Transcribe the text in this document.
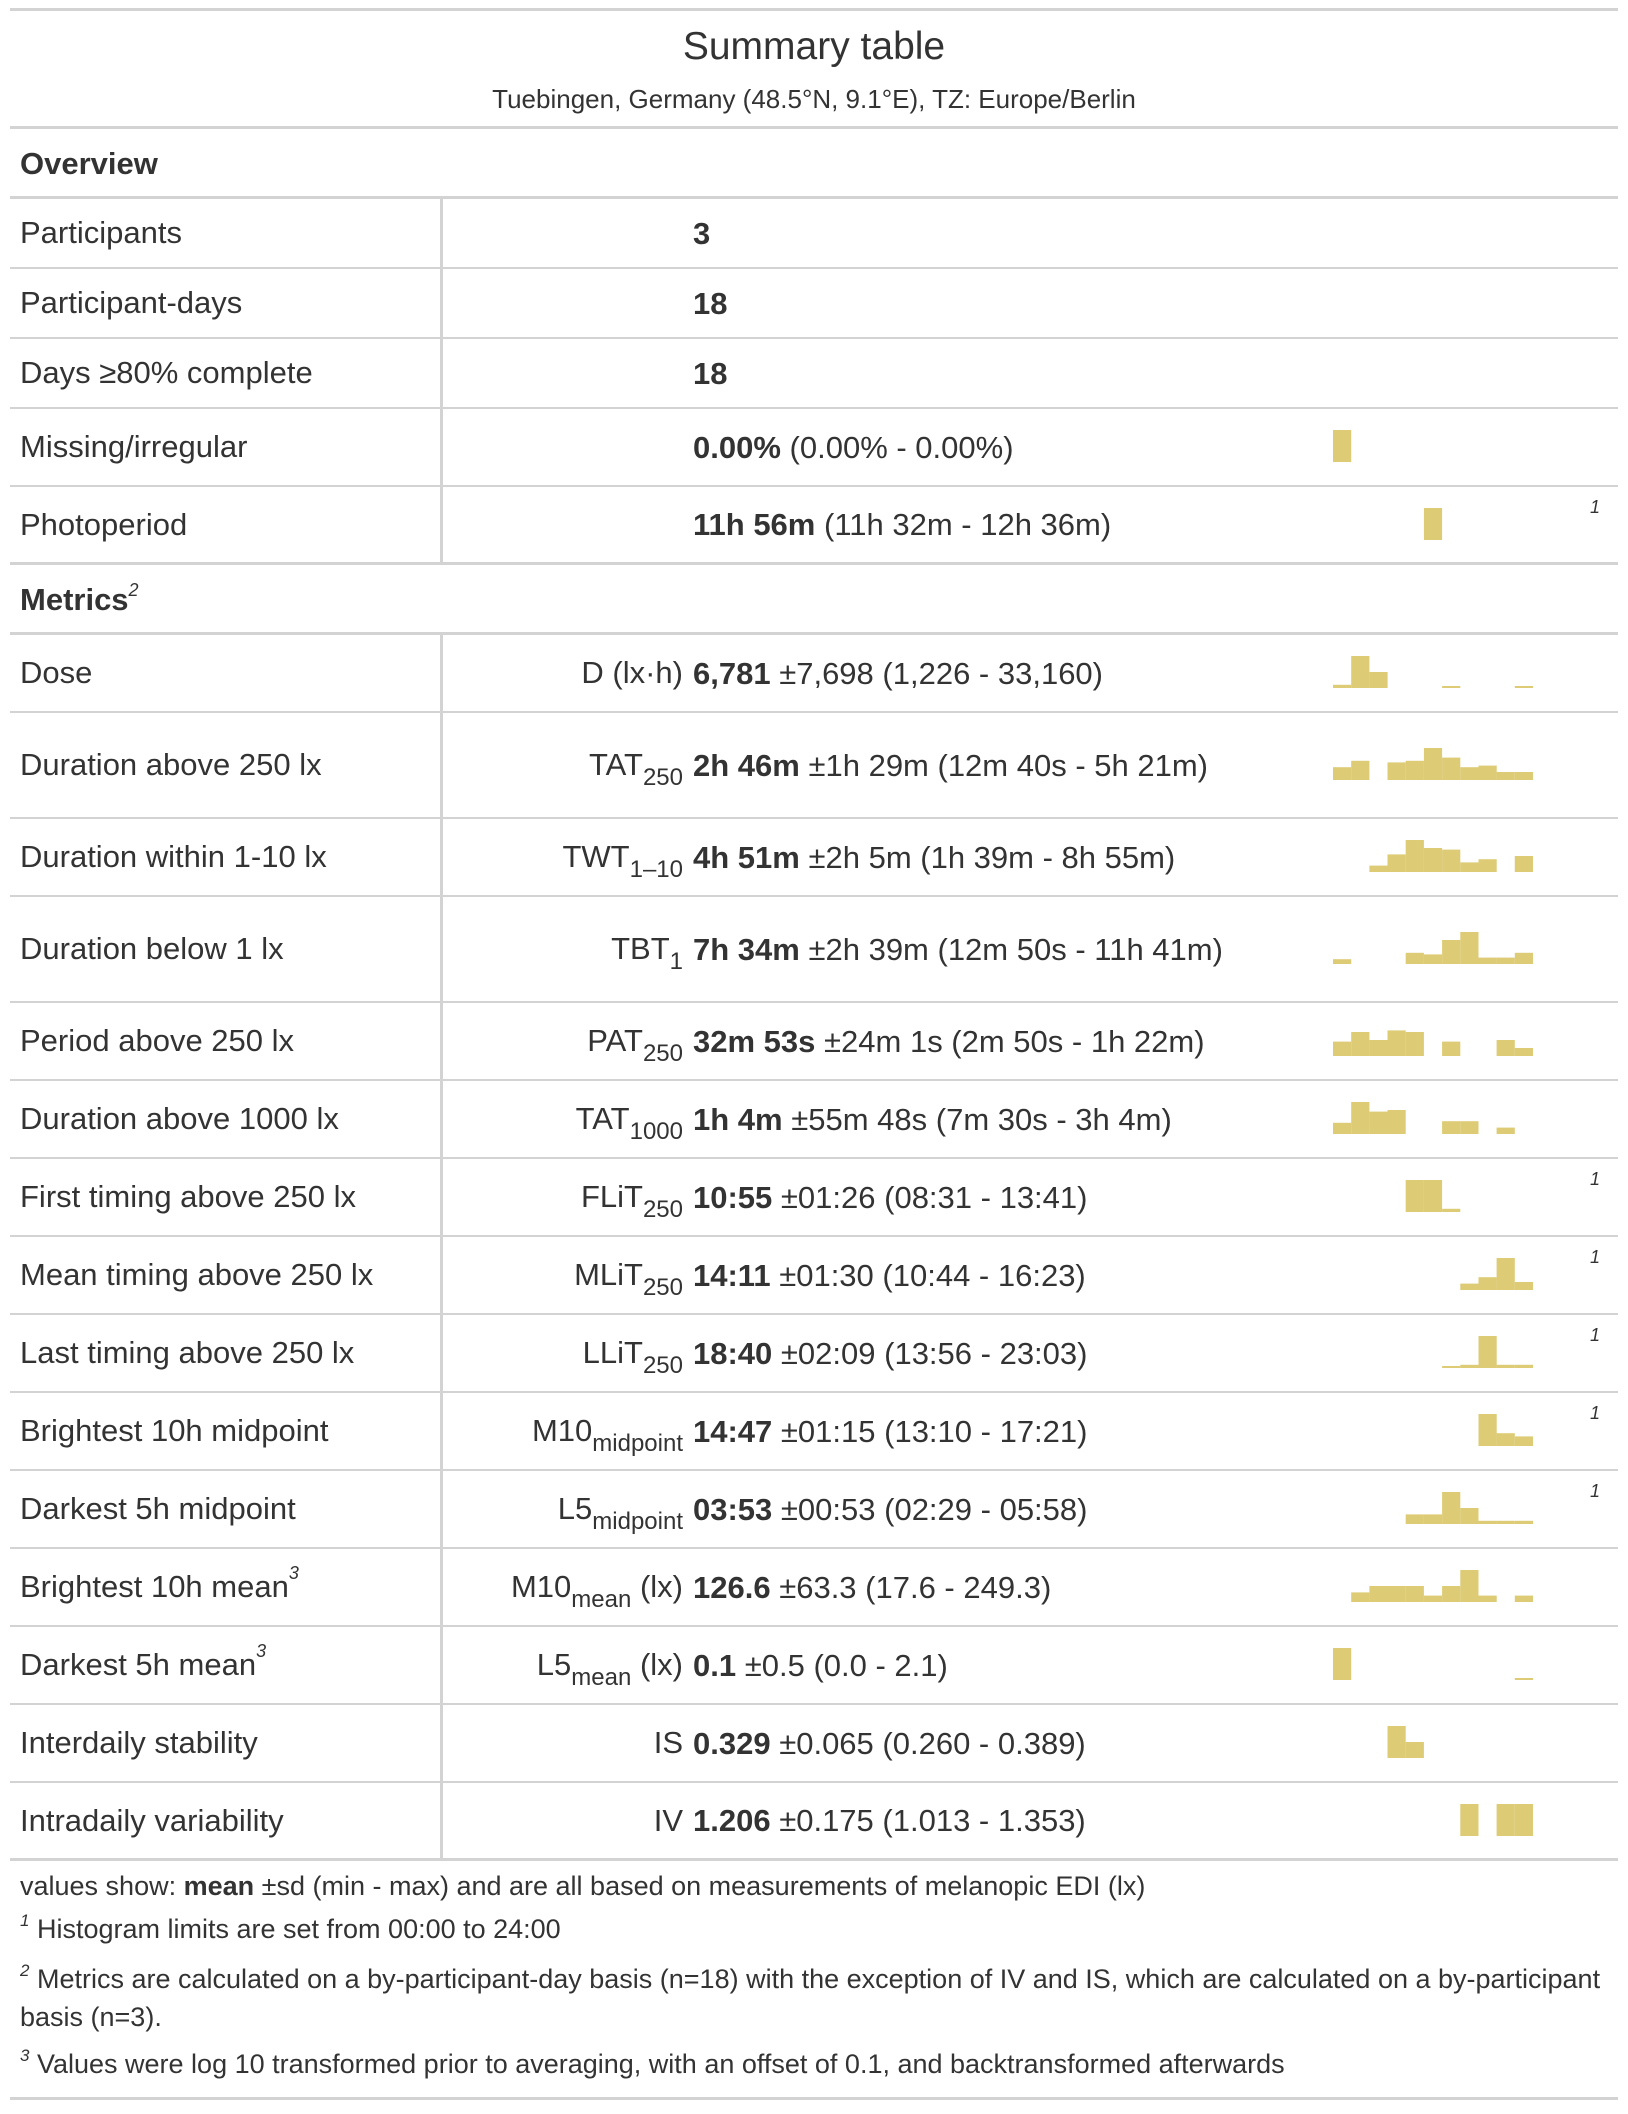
Summary table
Tuebingen, Germany (48.5°N, 9.1°E), TZ: Europe/Berlin
Overview
Participants	3
Participant-days	18
Days ≥80% complete	18
Missing/irregular	0.00% (0.00% - 0.00%)
Photoperiod	11h 56m (11h 32m - 12h 36m)	1
Metrics$^2$
Dose	D (lx·h) 6,781 ±7,698 (1,226 - 33,160)
Duration above 250 lx	$TAT_{250}$ 2h 46m ±1h 29m (12m 40s - 5h 21m)
Duration within 1-10 lx	$TWT_{1-10}$ 4h 51m ±2h 5m (1h 39m - 8h 55m)
Duration below 1 lx	$TBT_1$ 7h 34m ±2h 39m (12m 50s - 11h 41m)
Period above 250 lx	$PAT_{250}$ 32m 53s ±24m 1s (2m 50s - 1h 22m)
Duration above 1000 lx	$TAT_{1000}$ 1h 4m ±55m 48s (7m 30s - 3h 4m)
First timing above 250 lx	FLiT$_{250}$ 10:55 ±01:26 (08:31 - 13:41)
1
Mean timing above 250 lx	MLiT$_{250}$ 14:11 ±01:30 (10:44 - 16:23)
1
Last timing above 250 lx	LLiT$_{250}$ 18:40 ±02:09 (13:56 - 23:03)
1
Brightest 10h midpoint	$M10_{midpoint}$ 14:47 ±01:15 (13:10 - 17:21)
1
Darkest 5h midpoint	$L5_{midpoint}$ 03:53 ±00:53 (02:29 - 05:58)
1
Brightest 10h mean$^3$	$M10_{mean}$ (lx) 126.6 ±63.3 (17.6 - 249.3)
Darkest 5h mean$^3$	$L5_{mean}$ (lx) 0.1 ±0.5 (0.0 - 2.1)
Interdaily stability	IS 0.329 ±0.065 (0.260 - 0.389)
Intradaily variability	IV 1.206 ±0.175 (1.013 - 1.353)

values show: mean ±sd (min - max) and are all based on measurements of melanopic EDI (lx)

$^1$ Histogram limits are set from 00:00 to 24:00

$^2$ Metrics are calculated on a by-participant-day basis (n=18) with the exception of IV and IS, which are calculated on a by-participant basis (n=3).

$^3$ Values were log 10 transformed prior to averaging, with an offset of 0.1, and backtransformed afterwards
